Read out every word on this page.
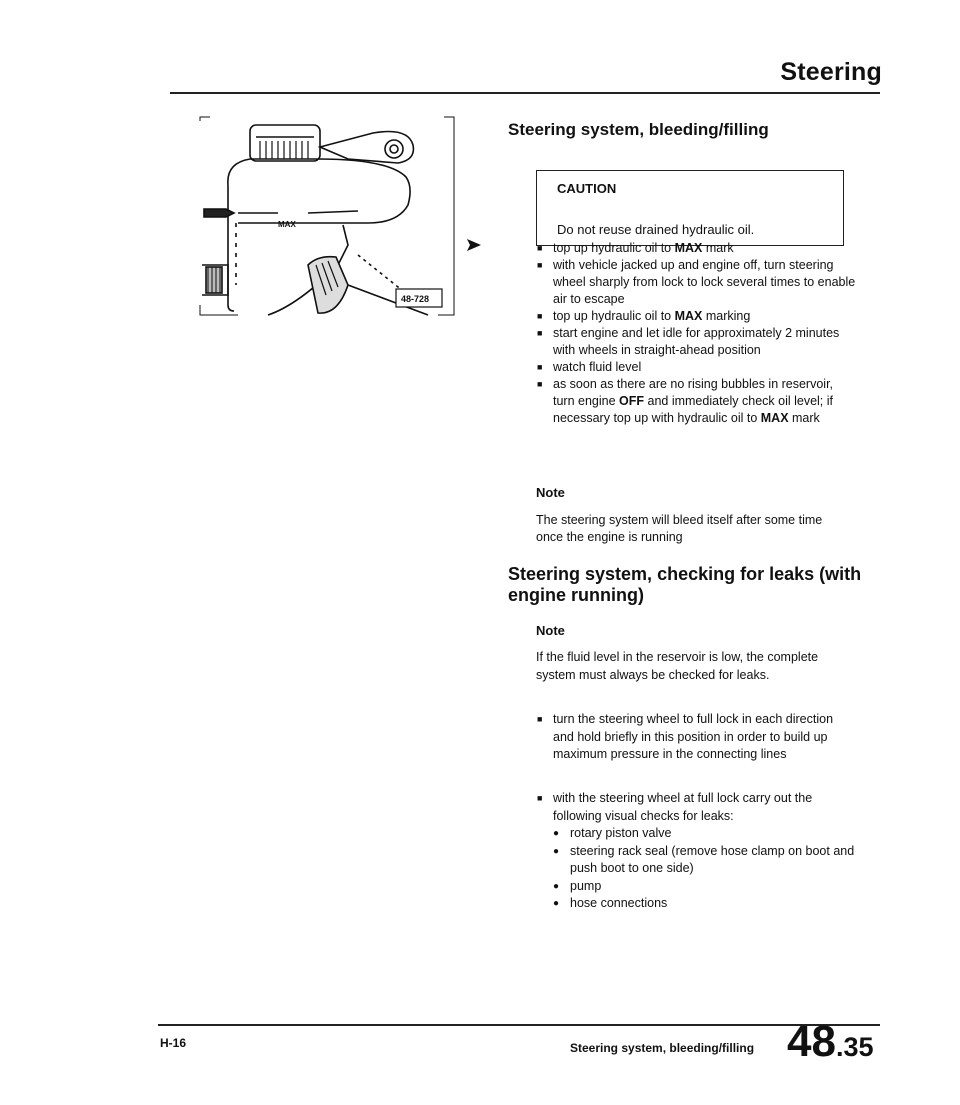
Steering
MAX
48-728
Steering system, bleeding/filling
CAUTION
Do not reuse drained hydraulic oil.
■ top up hydraulic oil to MAX mark
■ with vehicle jacked up and engine off, turn steering wheel sharply from lock to lock several times to enable air to escape
■ top up hydraulic oil to MAX marking
■ start engine and let idle for approximately 2 minutes with wheels in straight-ahead position
■ watch fluid level
■ as soon as there are no rising bubbles in reservoir, turn engine OFF and immediately check oil level; if necessary top up with hydraulic oil to MAX mark
Note
The steering system will bleed itself after some time once the engine is running
Steering system, checking for leaks (with engine running)
Note
If the fluid level in the reservoir is low, the complete system must always be checked for leaks.
■ turn the steering wheel to full lock in each direction and hold briefly in this position in order to build up maximum pressure in the connecting lines
■ with the steering wheel at full lock carry out the following visual checks for leaks:
● rotary piston valve
● steering rack seal (remove hose clamp on boot and push boot to one side)
● pump
● hose connections
H-16	Steering system, bleeding/filling 48.35
